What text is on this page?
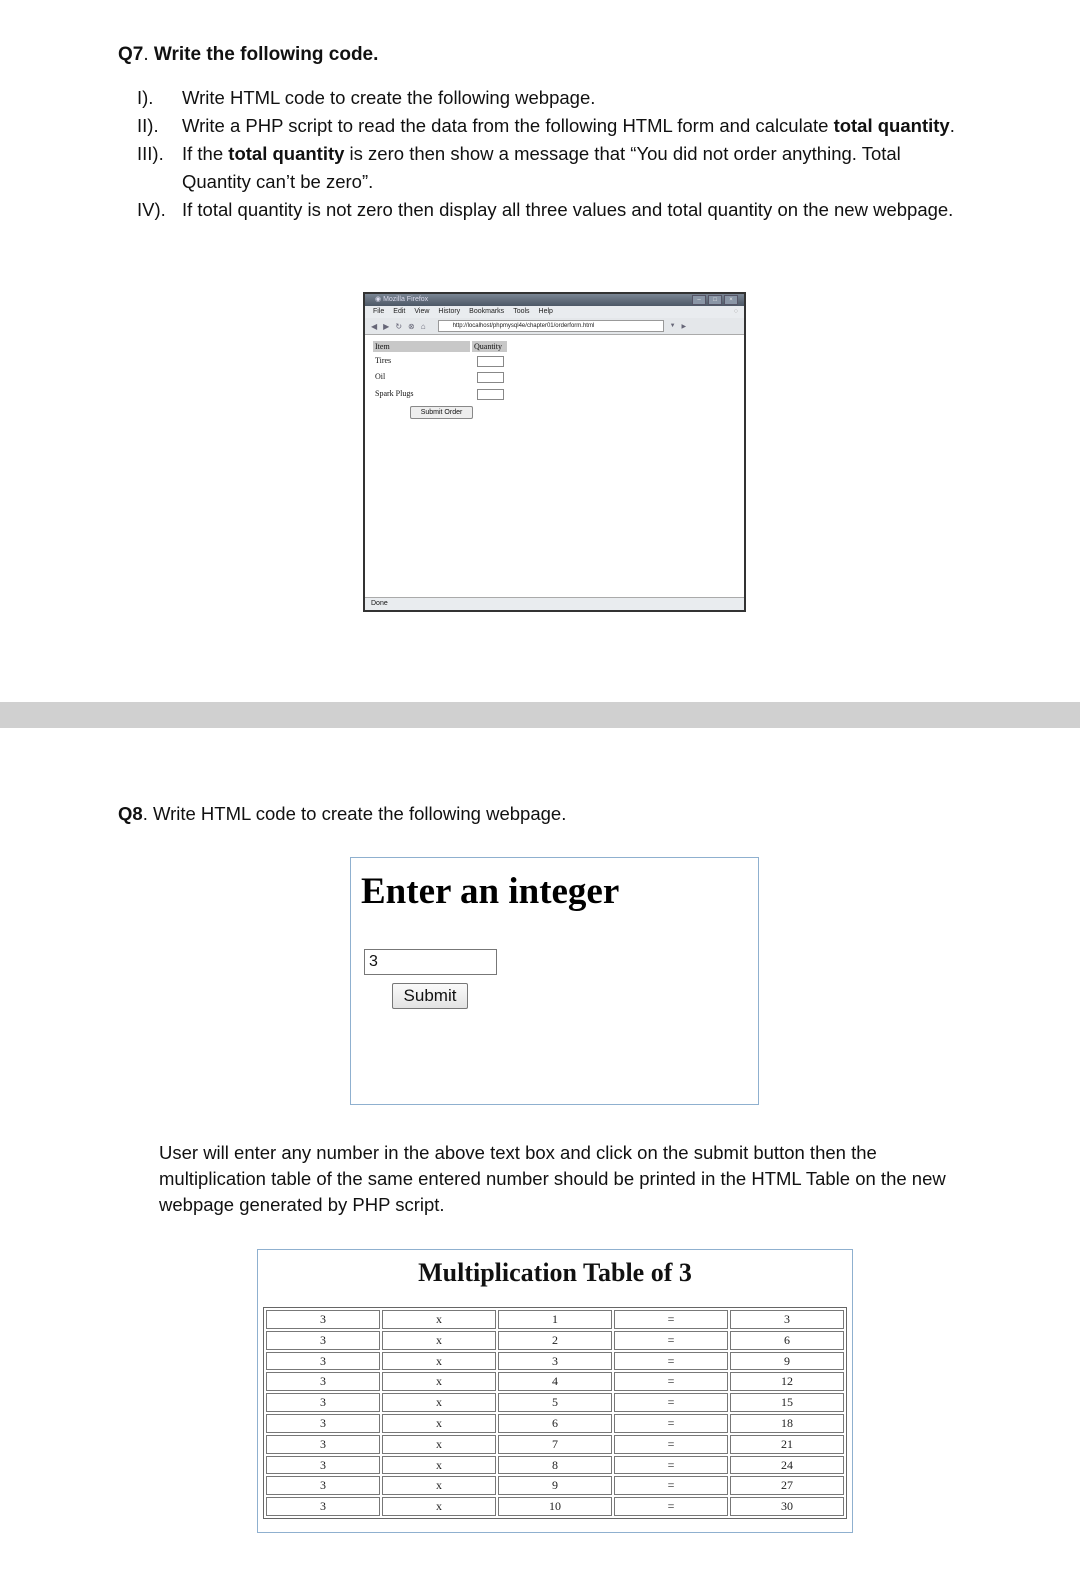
Q7. Write the following code.
I). Write HTML code to create the following webpage.
II). Write a PHP script to read the data from the following HTML form and calculate total quantity.
III). If the total quantity is zero then show a message that “You did not order anything. Total Quantity can’t be zero”.
IV). If total quantity is not zero then display all three values and total quantity on the new webpage.
◉ Mozilla Firefox	–	□	×
File Edit View History Bookmarks Tools Help	○
◀ ▶ ↻ ⊗ ⌂	http://localhost/phpmysql4e/chapter01/orderform.html	▼ ▶
Item	Quantity
Tires
Oil
Spark Plugs
Submit Order
Done
Q8. Write HTML code to create the following webpage.
Enter an integer
3
Submit
User will enter any number in the above text box and click on the submit button then the multiplication table of the same entered number should be printed in the HTML Table on the new webpage generated by PHP script.
Multiplication Table of 3
3	x	1	=	3
3	x	2	=	6
3	x	3	=	9
3	x	4	=	12
3	x	5	=	15
3	x	6	=	18
3	x	7	=	21
3	x	8	=	24
3	x	9	=	27
3	x	10	=	30
